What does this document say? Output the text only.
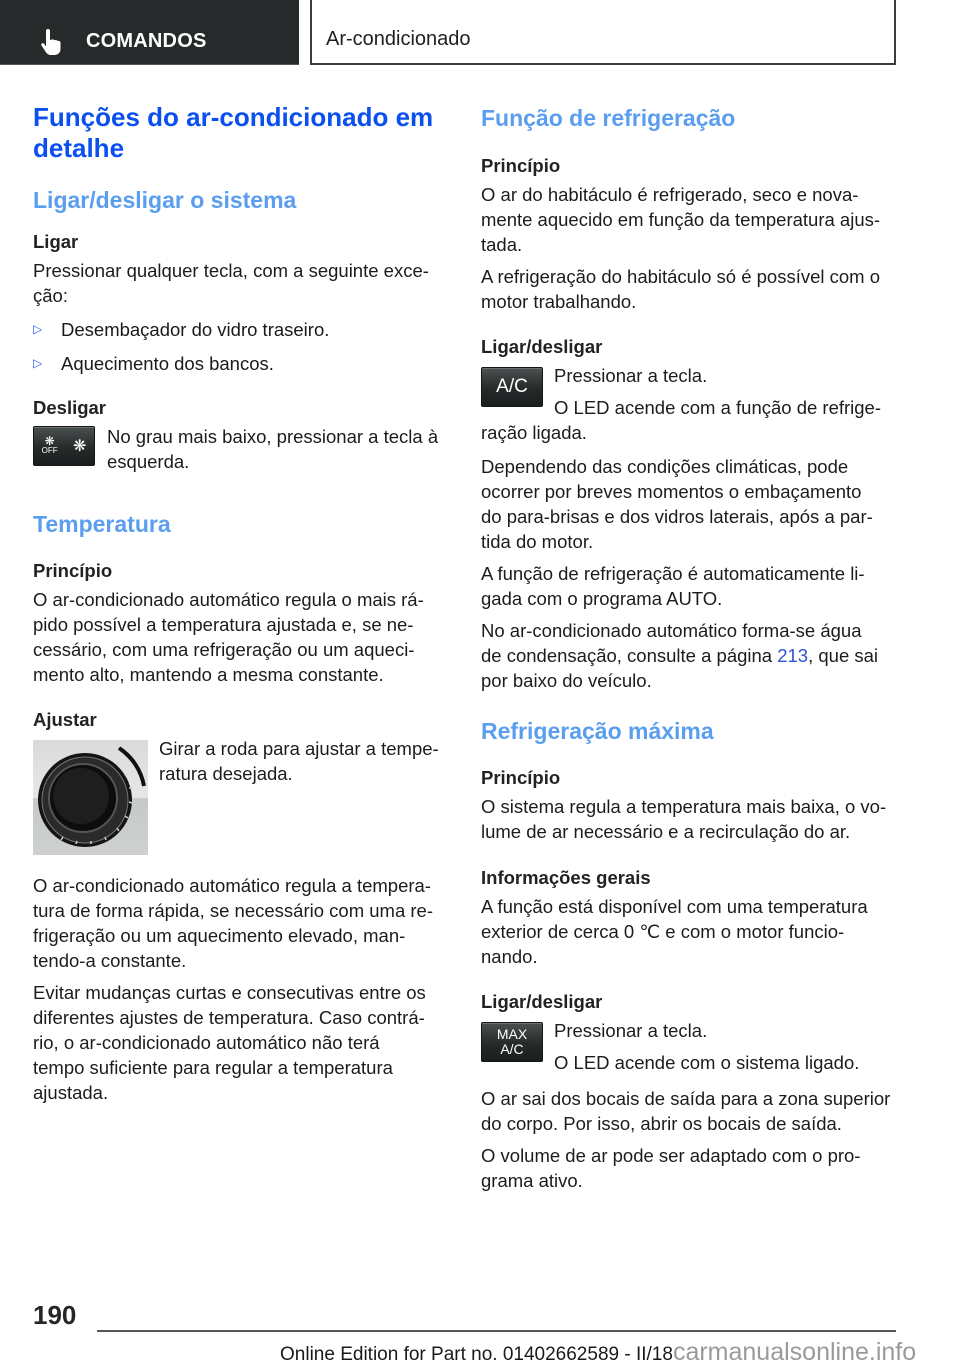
COMANDOS	Ar-condicionado
Funções do ar-condicionado em
detalhe
Ligar/desligar o sistema
Ligar
Pressionar qualquer tecla, com a seguinte exce-
ção:
▷	Desembaçador do vidro traseiro.
▷	Aquecimento dos bancos.
Desligar
❋
OFF ❋ No grau mais baixo, pressionar a tecla à
esquerda.
Temperatura
Princípio
O ar-condicionado automático regula o mais rá-
pido possível a temperatura ajustada e, se ne-
cessário, com uma refrigeração ou um aqueci-
mento alto, mantendo a mesma constante.
Ajustar
Girar a roda para ajustar a tempe-
ratura desejada.
O ar-condicionado automático regula a tempera-
tura de forma rápida, se necessário com uma re-
frigeração ou um aquecimento elevado, man-
tendo-a constante.
Evitar mudanças curtas e consecutivas entre os
diferentes ajustes de temperatura. Caso contrá-
rio, o ar-condicionado automático não terá
tempo suficiente para regular a temperatura
ajustada.
Função de refrigeração
Princípio
O ar do habitáculo é refrigerado, seco e nova-
mente aquecido em função da temperatura ajus-
tada.
A refrigeração do habitáculo só é possível com o
motor trabalhando.
Ligar/desligar
A/C
Pressionar a tecla.
O LED acende com a função de refrige-
ração ligada.
Dependendo das condições climáticas, pode
ocorrer por breves momentos o embaçamento
do para-brisas e dos vidros laterais, após a par-
tida do motor.
A função de refrigeração é automaticamente li-
gada com o programa AUTO.
No ar-condicionado automático forma-se água
de condensação, consulte a página 213, que sai
por baixo do veículo.
Refrigeração máxima
Princípio
O sistema regula a temperatura mais baixa, o vo-
lume de ar necessário e a recirculação do ar.
Informações gerais
A função está disponível com uma temperatura
exterior de cerca 0 ℃ e com o motor funcio-
nando.
Ligar/desligar
MAX
A/C
Pressionar a tecla.
O LED acende com o sistema ligado.
O ar sai dos bocais de saída para a zona superior
do corpo. Por isso, abrir os bocais de saída.
O volume de ar pode ser adaptado com o pro-
grama ativo.
190
Online Edition for Part no. 01402662589 - II/18carmanualsonline.info
